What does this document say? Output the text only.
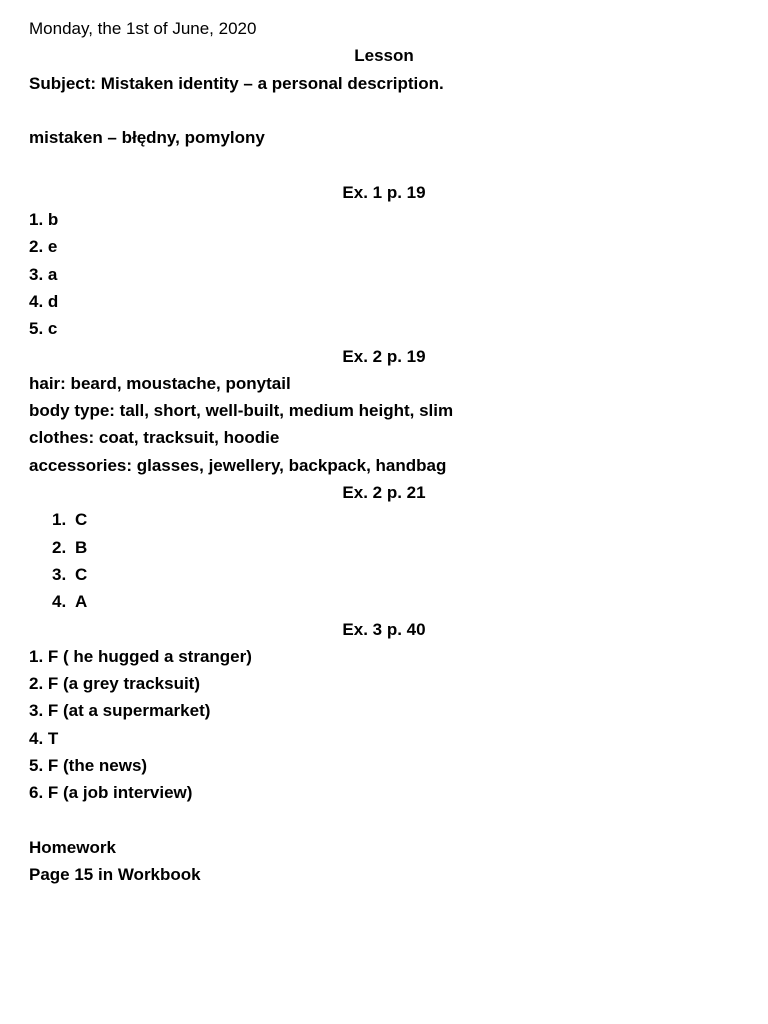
Monday, the 1st of June, 2020
Lesson
Subject: Mistaken identity – a personal description.
mistaken – błędny, pomylony
Ex. 1 p. 19
1. b
2. e
3. a
4. d
5. c
Ex. 2 p. 19
hair: beard, moustache, ponytail
body type: tall, short, well-built, medium height, slim
clothes: coat, tracksuit, hoodie
accessories: glasses, jewellery, backpack, handbag
Ex. 2 p. 21
1. C
2. B
3. C
4. A
Ex. 3 p. 40
1. F ( he hugged a stranger)
2. F (a grey tracksuit)
3. F (at a supermarket)
4. T
5. F (the news)
6. F (a job interview)
Homework
Page 15 in Workbook
